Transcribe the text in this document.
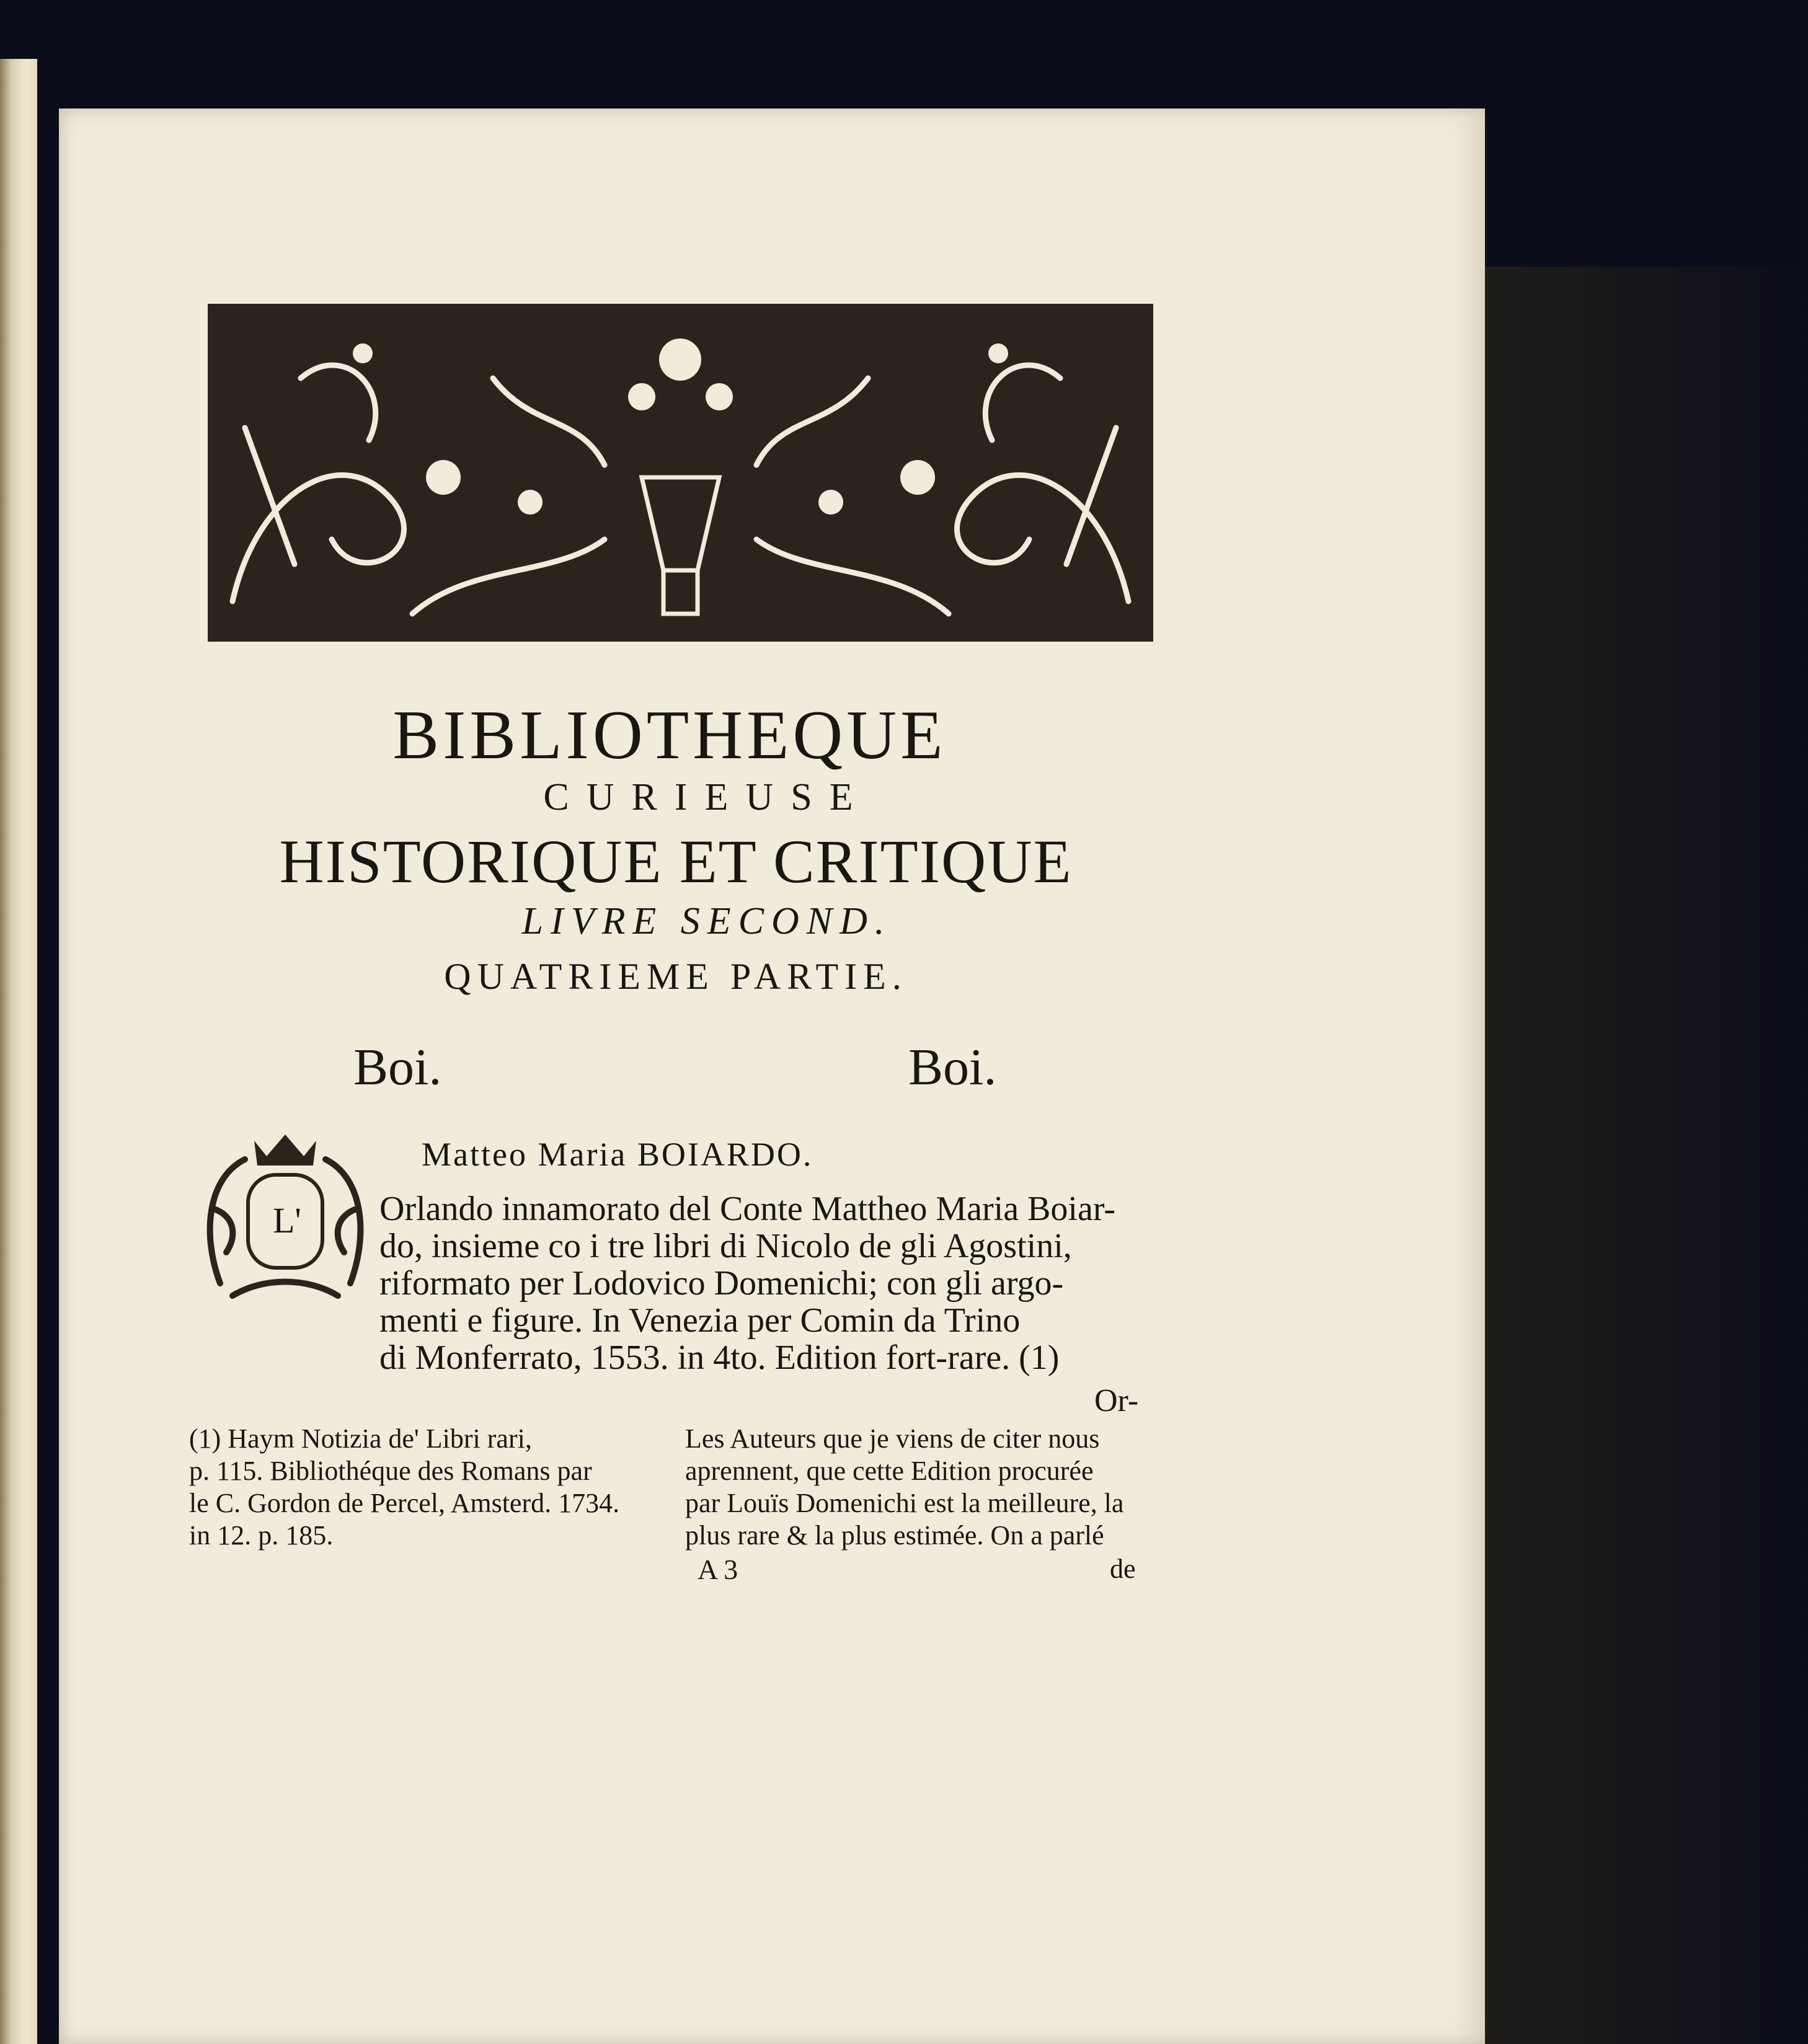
BIBLIOTHEQUE
CURIEUSE
HISTORIQUE ET CRITIQUE
LIVRE SECOND.
QUATRIEME PARTIE.
Boi.	Boi.
Matteo Maria BOIARDO.
L' Orlando innamorato del Conte Mattheo Maria Boiar-
do, insieme co i tre libri di Nicolo de gli Agostini,
riformato per Lodovico Domenichi; con gli argo-
menti e figure. In Venezia per Comin da Trino
di Monferrato, 1553. in 4to. Edition fort-rare. (1)
Or-
(1) Haym Notizia de' Libri rari,
p. 115. Bibliothéque des Romans par
le C. Gordon de Percel, Amsterd. 1734.
in 12. p. 185.
Les Auteurs que je viens de citer nous
aprennent, que cette Edition procurée
par Louïs Domenichi est la meilleure, la
plus rare & la plus estimée. On a parlé
A 3	de
